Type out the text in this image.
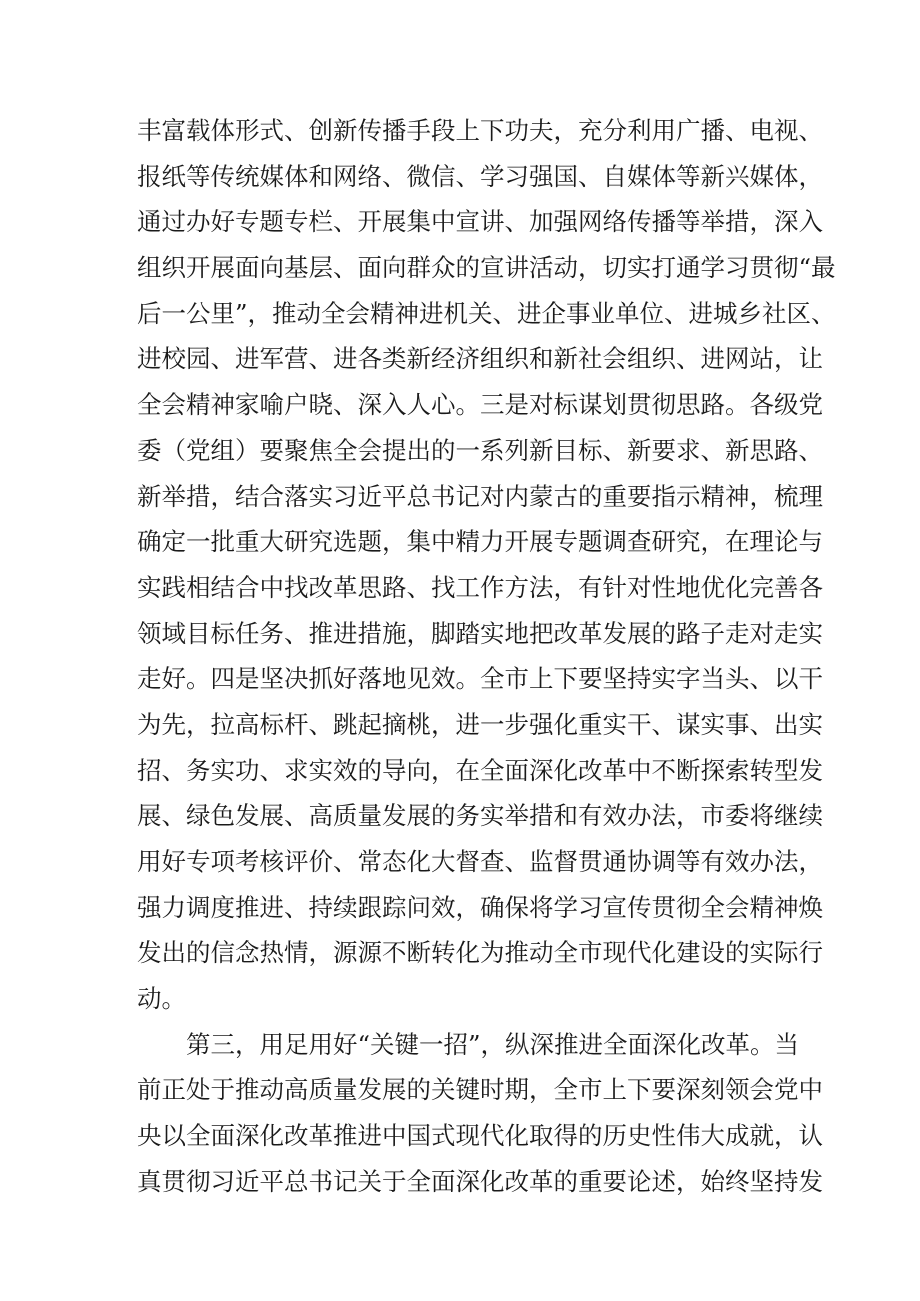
丰富载体形式、创新传播手段上下功夫，充分利用广播、电视、
报纸等传统媒体和网络、微信、学习强国、自媒体等新兴媒体，
通过办好专题专栏、开展集中宣讲、加强网络传播等举措，深入
组织开展面向基层、面向群众的宣讲活动，切实打通学习贯彻“最
后一公里”，推动全会精神进机关、进企事业单位、进城乡社区、
进校园、进军营、进各类新经济组织和新社会组织、进网站，让
全会精神家喻户晓、深入人心。三是对标谋划贯彻思路。各级党
委（党组）要聚焦全会提出的一系列新目标、新要求、新思路、
新举措，结合落实习近平总书记对内蒙古的重要指示精神，梳理
确定一批重大研究选题，集中精力开展专题调查研究，在理论与
实践相结合中找改革思路、找工作方法，有针对性地优化完善各
领域目标任务、推进措施，脚踏实地把改革发展的路子走对走实
走好。四是坚决抓好落地见效。全市上下要坚持实字当头、以干
为先，拉高标杆、跳起摘桃，进一步强化重实干、谋实事、出实
招、务实功、求实效的导向，在全面深化改革中不断探索转型发
展、绿色发展、高质量发展的务实举措和有效办法，市委将继续
用好专项考核评价、常态化大督查、监督贯通协调等有效办法，
强力调度推进、持续跟踪问效，确保将学习宣传贯彻全会精神焕
发出的信念热情，源源不断转化为推动全市现代化建设的实际行
动。
第三，用足用好“关键一招”，纵深推进全面深化改革。当
前正处于推动高质量发展的关键时期，全市上下要深刻领会党中
央以全面深化改革推进中国式现代化取得的历史性伟大成就，认
真贯彻习近平总书记关于全面深化改革的重要论述，始终坚持发
